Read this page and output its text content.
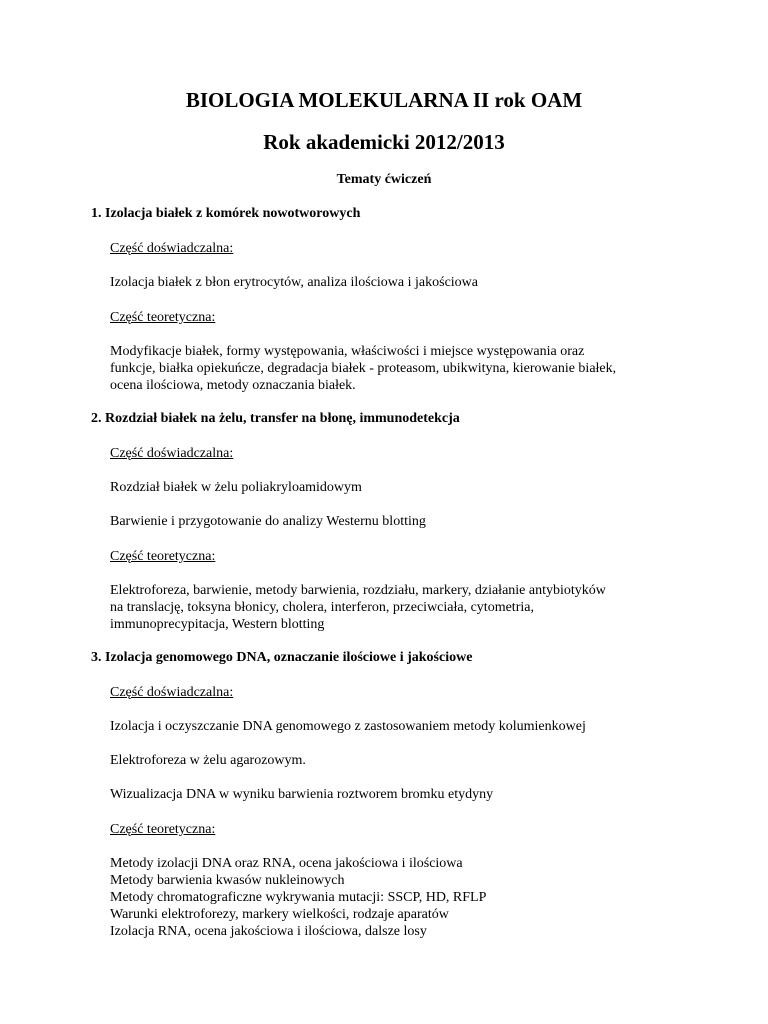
BIOLOGIA MOLEKULARNA II rok OAM
Rok akademicki 2012/2013
Tematy ćwiczeń
1. Izolacja białek z komórek nowotworowych
Część doświadczalna:
Izolacja białek z błon erytrocytów, analiza ilościowa i jakościowa
Część teoretyczna:
Modyfikacje białek, formy występowania, właściwości i miejsce występowania oraz
funkcje, białka opiekuńcze, degradacja białek - proteasom, ubikwityna, kierowanie białek,
ocena ilościowa, metody oznaczania białek.
2. Rozdział białek na żelu, transfer na błonę, immunodetekcja
Część doświadczalna:
Rozdział białek w żelu poliakryloamidowym
Barwienie i przygotowanie do analizy Westernu blotting
Część teoretyczna:
Elektroforeza, barwienie, metody barwienia, rozdziału, markery, działanie antybiotyków
na translację, toksyna błonicy, cholera, interferon, przeciwciała, cytometria,
immunoprecypitacja, Western blotting
3. Izolacja genomowego DNA, oznaczanie ilościowe i jakościowe
Część doświadczalna:
Izolacja i oczyszczanie DNA genomowego z zastosowaniem metody kolumienkowej
Elektroforeza w żelu agarozowym.
Wizualizacja DNA w wyniku barwienia roztworem bromku etydyny
Część teoretyczna:
Metody izolacji DNA oraz RNA, ocena jakościowa i ilościowa
Metody barwienia kwasów nukleinowych
Metody chromatograficzne wykrywania mutacji: SSCP, HD, RFLP
Warunki elektroforezy, markery wielkości, rodzaje aparatów
Izolacja RNA, ocena jakościowa i ilościowa, dalsze losy
